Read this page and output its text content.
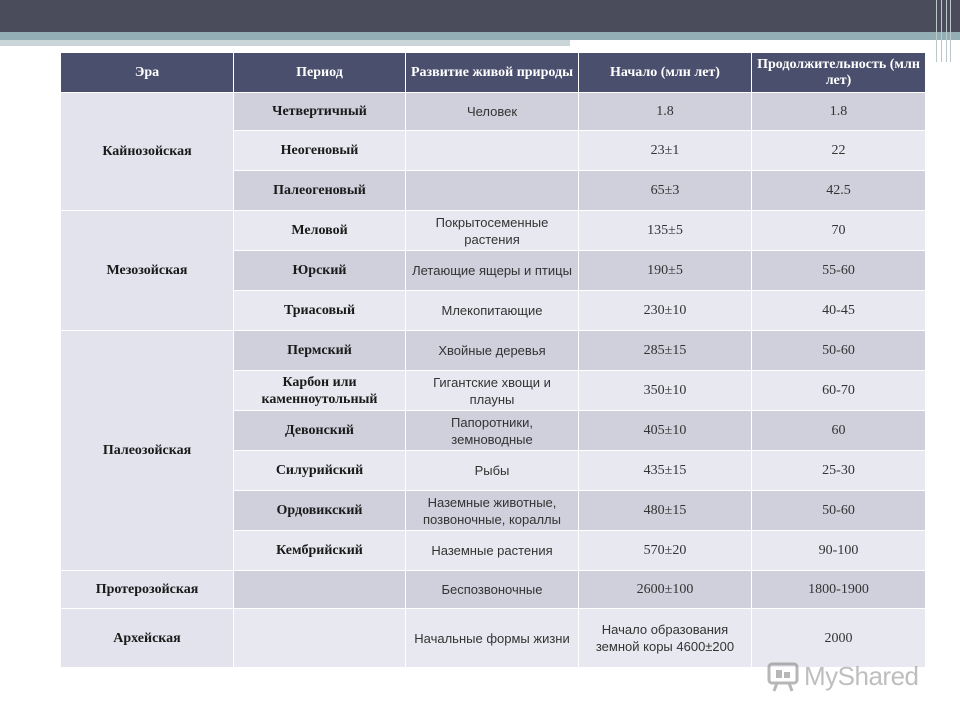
Эра	Период	Развитие живой природы	Начало (млн лет)	Продолжительность (млн лет)
Кайнозойская	Четвертичный	Человек	1.8	1.8
	Неогеновый		23±1	22
	Палеогеновый		65±3	42.5
Мезозойская	Меловой	Покрытосеменные растения	135±5	70
	Юрский	Летающие ящеры и птицы	190±5	55-60
	Триасовый	Млекопитающие	230±10	40-45
Палеозойская	Пермский	Хвойные деревья	285±15	50-60
	Карбон или каменноутольный	Гигантские хвощи и плауны	350±10	60-70
	Девонский	Папоротники, земноводные	405±10	60
	Силурийский	Рыбы	435±15	25-30
	Ордовикский	Наземные животные, позвоночные, кораллы	480±15	50-60
	Кембрийский	Наземные растения	570±20	90-100
Протерозойская		Беспозвоночные	2600±100	1800-1900
Архейская		Начальные формы жизни	Начало образования земной коры 4600±200	2000
MyShared
